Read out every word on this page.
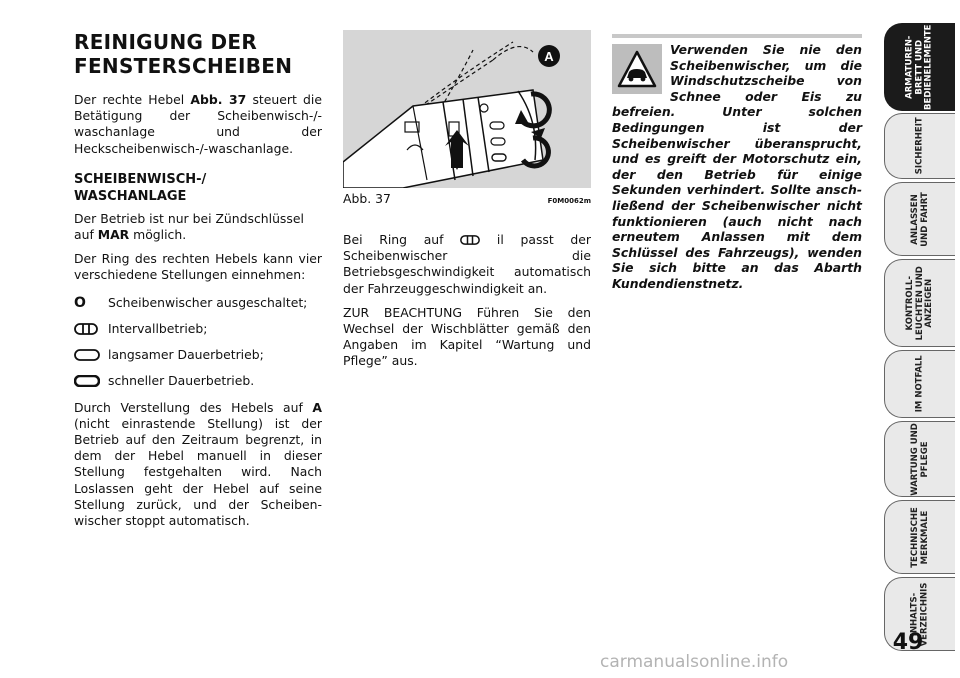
REINIGUNG DER
FENSTERSCHEIBEN

Der rechte Hebel Abb. 37 steuert die Betätigung der Scheibenwisch-/-waschanlage und der Heckscheibenwisch-/-waschanlage.

SCHEIBENWISCH-/
WASCHANLAGE

Der Betrieb ist nur bei Zündschlüssel auf MAR möglich.

Der Ring des rechten Hebels kann vier verschiedene Stellungen einnehmen:

O Scheibenwischer ausgeschaltet;
Intervallbetrieb;
langsamer Dauerbetrieb;
schneller Dauerbetrieb.

Durch Verstellung des Hebels auf A (nicht einrastende Stellung) ist der Betrieb auf den Zeitraum begrenzt, in dem der Hebel manuell in dieser Stellung festgehalten wird. Nach Loslassen geht der Hebel auf seine Stellung zurück, und der Scheibenwischer stoppt automatisch.

A
Abb. 37	F0M0062m

Bei Ring auf  il passt der Scheibenwischer die Betriebsgeschwindigkeit automatisch der Fahrzeuggeschwindigkeit an.

ZUR BEACHTUNG Führen Sie den Wechsel der Wischblätter gemäß den Angaben im Kapitel “Wartung und Pflege” aus.

Verwenden Sie nie den Scheibenwischer, um die Windschutzscheibe von Schnee oder Eis zu befreien. Unter solchen Bedingungen ist der Scheibenwischer überansprucht, und es greift der Motorschutz ein, der den Betrieb für einige Sekunden verhindert. Sollte anschließend der Scheibenwischer nicht funktionieren (auch nicht nach erneutem Anlassen mit dem Schlüssel des Fahrzeugs), wenden Sie sich bitte an das Abarth Kundendienstnetz.
ARMATUREN-
BRETT UND
BEDIENELEMENTE
SICHERHEIT
ANLASSEN
UND FAHRT
KONTROLL-
LEUCHTEN UND
ANZEIGEN
IM NOTFALL
WARTUNG UND
PFLEGE
TECHNISCHE
MERKMALE
INHALTS-
VERZEICHNIS
49
carmanualsonline.info
